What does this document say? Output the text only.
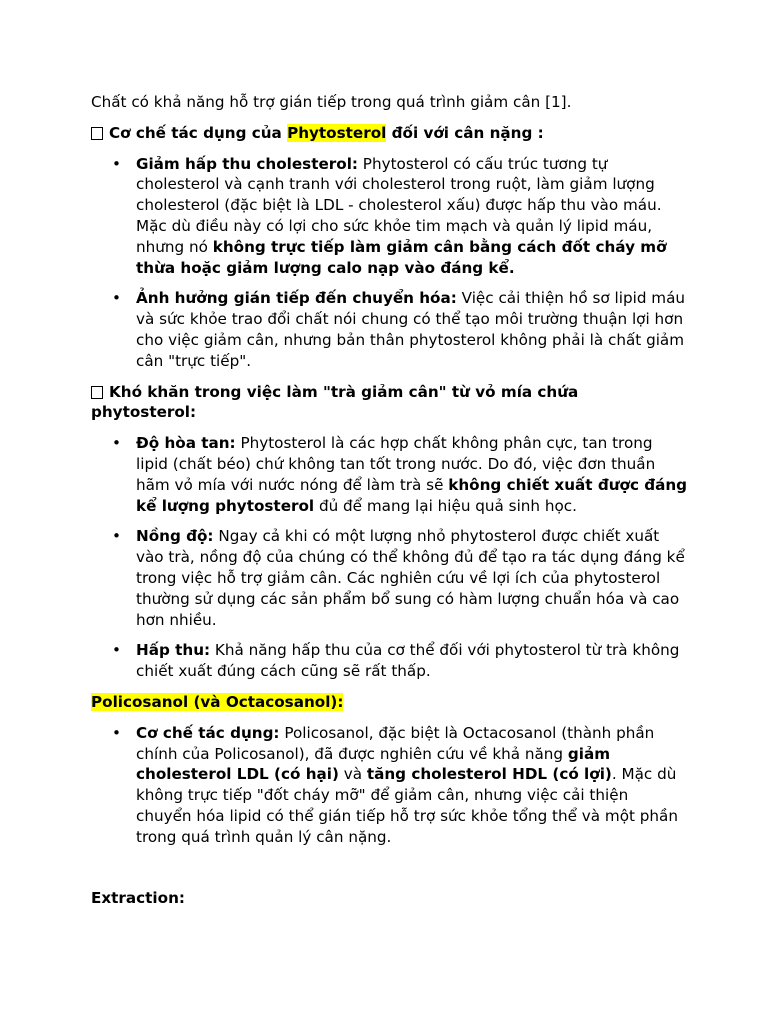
Chất có khả năng hỗ trợ gián tiếp trong quá trình giảm cân [1].

Cơ chế tác dụng của Phytosterol đối với cân nặng :

• Giảm hấp thu cholesterol: Phytosterol có cấu trúc tương tự cholesterol và cạnh tranh với cholesterol trong ruột, làm giảm lượng cholesterol (đặc biệt là LDL - cholesterol xấu) được hấp thu vào máu. Mặc dù điều này có lợi cho sức khỏe tim mạch và quản lý lipid máu, nhưng nó không trực tiếp làm giảm cân bằng cách đốt cháy mỡ thừa hoặc giảm lượng calo nạp vào đáng kể.
• Ảnh hưởng gián tiếp đến chuyển hóa: Việc cải thiện hồ sơ lipid máu và sức khỏe trao đổi chất nói chung có thể tạo môi trường thuận lợi hơn cho việc giảm cân, nhưng bản thân phytosterol không phải là chất giảm cân "trực tiếp".

Khó khăn trong việc làm "trà giảm cân" từ vỏ mía chứa phytosterol:

• Độ hòa tan: Phytosterol là các hợp chất không phân cực, tan trong lipid (chất béo) chứ không tan tốt trong nước. Do đó, việc đơn thuần hãm vỏ mía với nước nóng để làm trà sẽ không chiết xuất được đáng kể lượng phytosterol đủ để mang lại hiệu quả sinh học.
• Nồng độ: Ngay cả khi có một lượng nhỏ phytosterol được chiết xuất vào trà, nồng độ của chúng có thể không đủ để tạo ra tác dụng đáng kể trong việc hỗ trợ giảm cân. Các nghiên cứu về lợi ích của phytosterol thường sử dụng các sản phẩm bổ sung có hàm lượng chuẩn hóa và cao hơn nhiều.
• Hấp thu: Khả năng hấp thu của cơ thể đối với phytosterol từ trà không chiết xuất đúng cách cũng sẽ rất thấp.

Policosanol (và Octacosanol):

• Cơ chế tác dụng: Policosanol, đặc biệt là Octacosanol (thành phần chính của Policosanol), đã được nghiên cứu về khả năng giảm cholesterol LDL (có hại) và tăng cholesterol HDL (có lợi). Mặc dù không trực tiếp "đốt cháy mỡ" để giảm cân, nhưng việc cải thiện chuyển hóa lipid có thể gián tiếp hỗ trợ sức khỏe tổng thể và một phần trong quá trình quản lý cân nặng.

Extraction:
